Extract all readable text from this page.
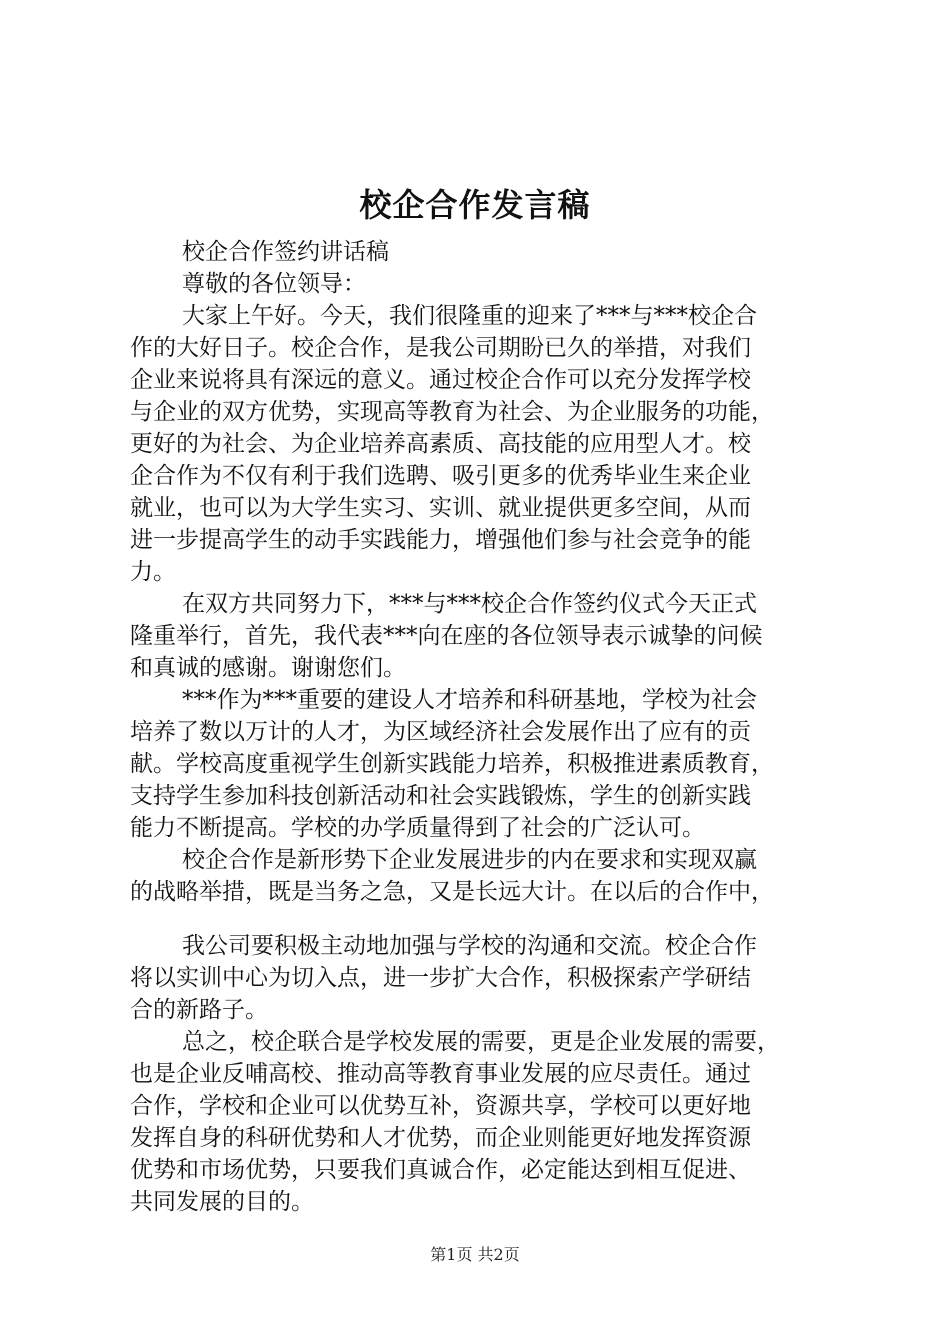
校企合作发言稿
校企合作签约讲话稿
尊敬的各位领导：
大家上午好。今天，我们很隆重的迎来了***与***校企合
作的大好日子。校企合作，是我公司期盼已久的举措，对我们
企业来说将具有深远的意义。通过校企合作可以充分发挥学校
与企业的双方优势，实现高等教育为社会、为企业服务的功能，
更好的为社会、为企业培养高素质、高技能的应用型人才。校
企合作为不仅有利于我们选聘、吸引更多的优秀毕业生来企业
就业，也可以为大学生实习、实训、就业提供更多空间，从而
进一步提高学生的动手实践能力，增强他们参与社会竞争的能
力。
在双方共同努力下，***与***校企合作签约仪式今天正式
隆重举行，首先，我代表***向在座的各位领导表示诚挚的问候
和真诚的感谢。谢谢您们。
***作为***重要的建设人才培养和科研基地，学校为社会
培养了数以万计的人才，为区域经济社会发展作出了应有的贡
献。学校高度重视学生创新实践能力培养，积极推进素质教育，
支持学生参加科技创新活动和社会实践锻炼，学生的创新实践
能力不断提高。学校的办学质量得到了社会的广泛认可。
校企合作是新形势下企业发展进步的内在要求和实现双赢
的战略举措，既是当务之急，又是长远大计。在以后的合作中，
我公司要积极主动地加强与学校的沟通和交流。校企合作
将以实训中心为切入点，进一步扩大合作，积极探索产学研结
合的新路子。
总之，校企联合是学校发展的需要，更是企业发展的需要，
也是企业反哺高校、推动高等教育事业发展的应尽责任。通过
合作，学校和企业可以优势互补，资源共享，学校可以更好地
发挥自身的科研优势和人才优势，而企业则能更好地发挥资源
优势和市场优势，只要我们真诚合作，必定能达到相互促进、
共同发展的目的。
第1页 共2页
